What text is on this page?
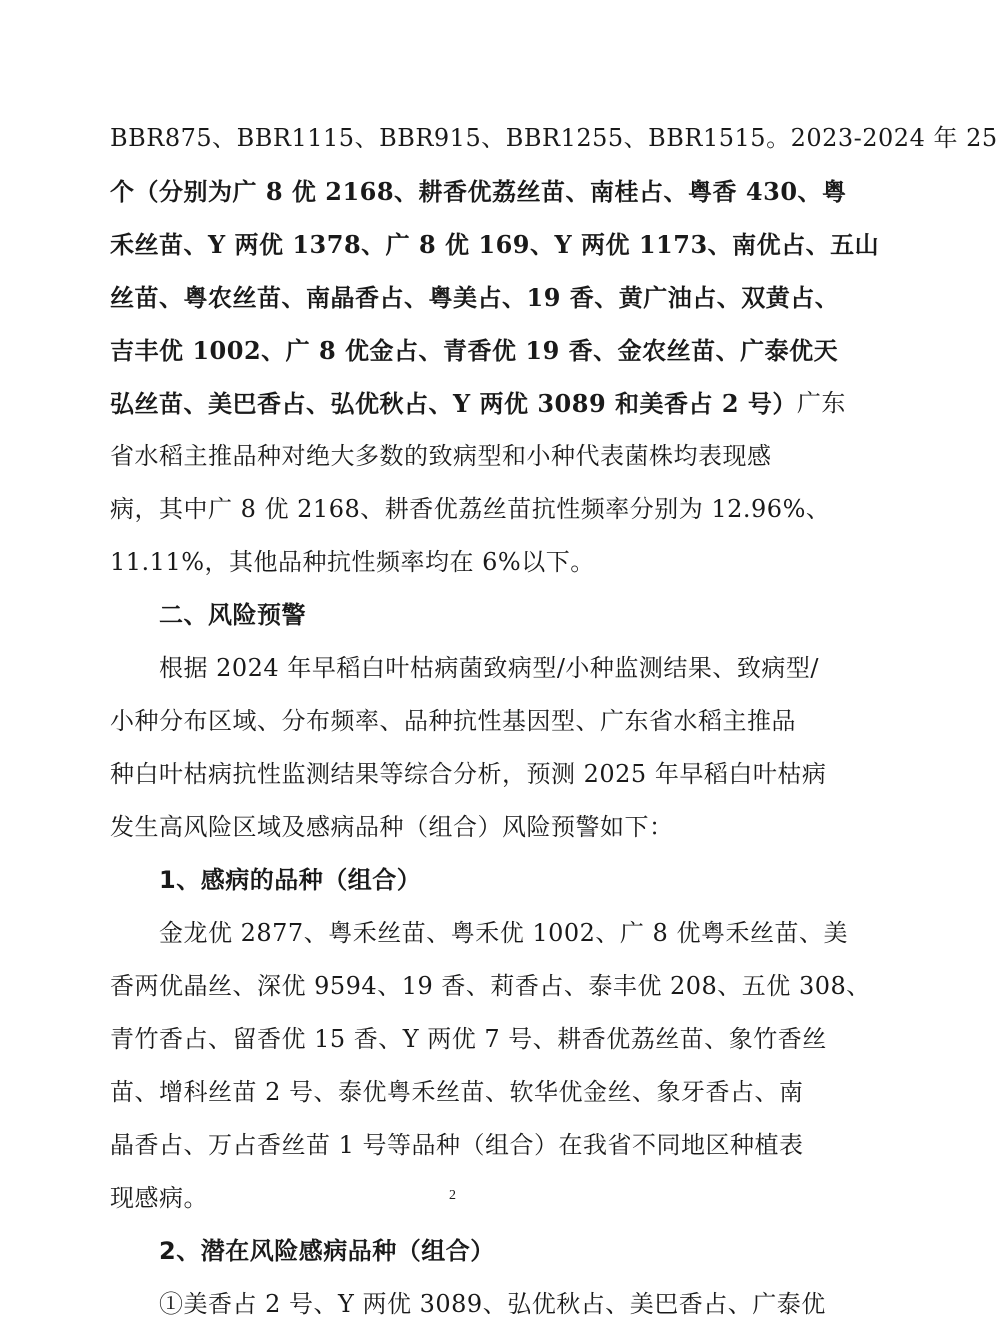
BBR875、BBR1115、BBR915、BBR1255、BBR1515。2023-2024 年 25
个（分别为广 8 优 2168、耕香优荔丝苗、南桂占、粤香 430、粤
禾丝苗、Y 两优 1378、广 8 优 169、Y 两优 1173、南优占、五山
丝苗、粤农丝苗、南晶香占、粤美占、19 香、黄广油占、双黄占、
吉丰优 1002、广 8 优金占、青香优 19 香、金农丝苗、广泰优天
弘丝苗、美巴香占、弘优秋占、Y 两优 3089 和美香占 2 号） 广东
省水稻主推品种对绝大多数的致病型和小种代表菌株均表现感
病，其中广 8 优 2168、耕香优荔丝苗抗性频率分别为 12.96%、
11.11%，其他品种抗性频率均在 6%以下。
二、风险预警
根据 2024 年早稻白叶枯病菌致病型/小种监测结果、致病型/
小种分布区域、分布频率、品种抗性基因型、广东省水稻主推品
种白叶枯病抗性监测结果等综合分析，预测 2025 年早稻白叶枯病
发生高风险区域及感病品种（组合）风险预警如下：
1、感病的品种（组合）
金龙优 2877、粤禾丝苗、粤禾优 1002、广 8 优粤禾丝苗、美
香两优晶丝、深优 9594、19 香、莉香占、泰丰优 208、五优 308、
青竹香占、留香优 15 香、Y 两优 7 号、耕香优荔丝苗、象竹香丝
苗、增科丝苗 2 号、泰优粤禾丝苗、软华优金丝、象牙香占、南
晶香占、万占香丝苗 1 号等品种（组合）在我省不同地区种植表
现感病。
2、潜在风险感病品种（组合）
①美香占 2 号、Y 两优 3089、弘优秋占、美巴香占、广泰优
2
